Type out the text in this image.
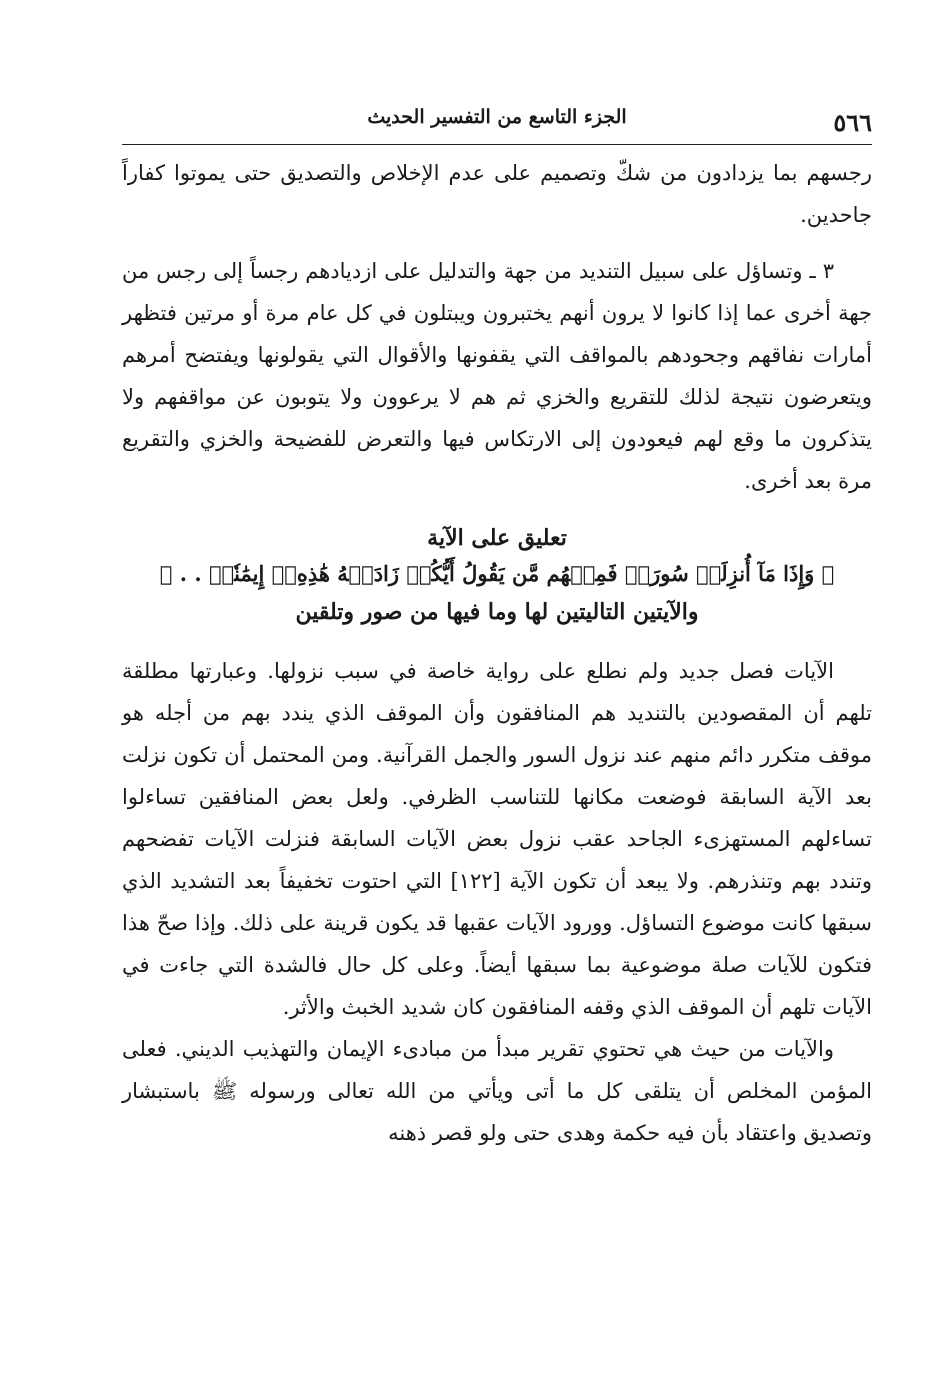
٥٦٦
الجزء التاسع من التفسير الحديث

رجسهم بما يزدادون من شكّ وتصميم على عدم الإخلاص والتصديق حتى يموتوا كفاراً جاحدين.

٣ ـ وتساؤل على سبيل التنديد من جهة والتدليل على ازديادهم رجساً إلى رجس من جهة أخرى عما إذا كانوا لا يرون أنهم يختبرون ويبتلون في كل عام مرة أو مرتين فتظهر أمارات نفاقهم وجحودهم بالمواقف التي يقفونها والأقوال التي يقولونها ويفتضح أمرهم ويتعرضون نتيجة لذلك للتقريع والخزي ثم هم لا يرعوون ولا يتوبون عن مواقفهم ولا يتذكرون ما وقع لهم فيعودون إلى الارتكاس فيها والتعرض للفضيحة والخزي والتقريع مرة بعد أخرى.

تعليق على الآية
﴿ وَإِذَا مَآ أُنزِلَتۡ سُورَةٞ فَمِنۡهُم مَّن يَقُولُ أَيُّكُمۡ زَادَتۡهُ هَٰذِهِۦٓ إِيمَٰنٗاۚ . . ﴾
والآيتين التاليتين لها وما فيها من صور وتلقين

الآيات فصل جديد ولم نطلع على رواية خاصة في سبب نزولها. وعبارتها مطلقة تلهم أن المقصودين بالتنديد هم المنافقون وأن الموقف الذي يندد بهم من أجله هو موقف متكرر دائم منهم عند نزول السور والجمل القرآنية. ومن المحتمل أن تكون نزلت بعد الآية السابقة فوضعت مكانها للتناسب الظرفي. ولعل بعض المنافقين تساءلوا تساءلهم المستهزىء الجاحد عقب نزول بعض الآيات السابقة فنزلت الآيات تفضحهم وتندد بهم وتنذرهم. ولا يبعد أن تكون الآية [١٢٢] التي احتوت تخفيفاً بعد التشديد الذي سبقها كانت موضوع التساؤل. وورود الآيات عقبها قد يكون قرينة على ذلك. وإذا صحّ هذا فتكون للآيات صلة موضوعية بما سبقها أيضاً. وعلى كل حال فالشدة التي جاءت في الآيات تلهم أن الموقف الذي وقفه المنافقون كان شديد الخبث والأثر.

والآيات من حيث هي تحتوي تقرير مبدأ من مبادىء الإيمان والتهذيب الديني. فعلى المؤمن المخلص أن يتلقى كل ما أتى ويأتي من الله تعالى ورسوله ﷺ باستبشار وتصديق واعتقاد بأن فيه حكمة وهدى حتى ولو قصر ذهنه
